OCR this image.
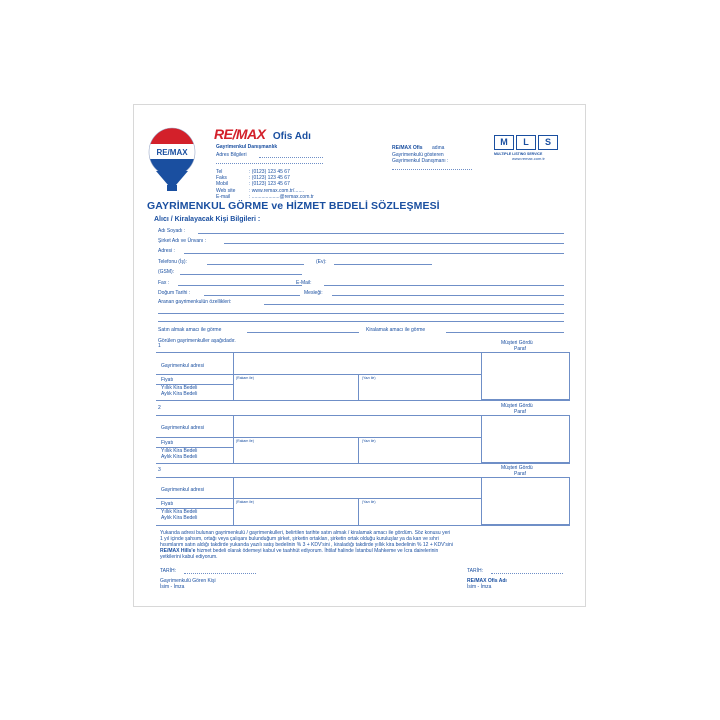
RE/MAX
RE/MAX Ofis Adı
Gayrimenkul Danışmanlık
Adres Bilgileri
Tel	: (0123) 123 45 67
Faks	: (0123) 123 45 67
Mobil	: (0123) 123 45 67
Web site	: www.remax.com.tr/.......
E-mail	: ....................@remax.com.tr
RE/MAX Ofis adına
Gayrimenkulü gösteren
Gayrimenkul Danışmanı :
M	L	S
MULTIPLE LISTING SERVICE
www.remax.com.tr
GAYRİMENKUL GÖRME ve HİZMET BEDELİ SÖZLEŞMESİ
Alıcı / Kiralayacak Kişi Bilgileri :
Adı Soyadı :
Şirket Adı ve Ünvanı :
Adresi :
Telefonu (İş):	(Ev):
(GSM):
Fax :	E-Mail:
Doğum Tarihi :	Mesleği:
Aranan gayrimenkulün özellikleri:
Satın almak amacı ile görme	Kiralamak amacı ile görme
Görülen gayrimenkuller aşağıdadır.
1	Müşteri Gördü
Paraf
Gayrimenkul adresi
Fiyatı	(Rakam ile)	(Yazı ile)
Yıllık Kira Bedeli
Aylık Kira Bedeli
2	Müşteri Gördü
Paraf
Gayrimenkul adresi
Fiyatı	(Rakam ile)	(Yazı ile)
Yıllık Kira Bedeli
Aylık Kira Bedeli
3	Müşteri Gördü
Paraf
Gayrimenkul adresi
Fiyatı	(Rakam ile)	(Yazı ile)
Yıllık Kira Bedeli
Aylık Kira Bedeli
Yukarıda adresi bulunan gayrimenkulü / gayrimenkulleri, belirtilen tarihte satın almak / kiralamak amacı ile gördüm. Söz konusu yeri
1 yıl içinde şahsım, ortağı veya çalışanı bulunduğum şirket, şirketin ortakları, şirketin ortak olduğu kuruluşlar ya da kan ve sıhri
hısımlarım satın aldığı takdirde yukarıda yazılı satış bedelinin % 3 + KDV'sini , kiraladığı takdirde yıllık kira bedelinin % 12 + KDV'sini
RE/MAX Hills'e hizmet bedeli olarak ödemeyi kabul ve taahhüt ediyorum. İhtilaf halinde İstanbul Mahkeme ve İcra dairelerinin
yetkilerini kabul ediyorum.
TARİH:
Gayrimenkulü Gören Kişi
İsim - İmza
TARİH:
RE/MAX Ofis Adı
İsim - İmza
